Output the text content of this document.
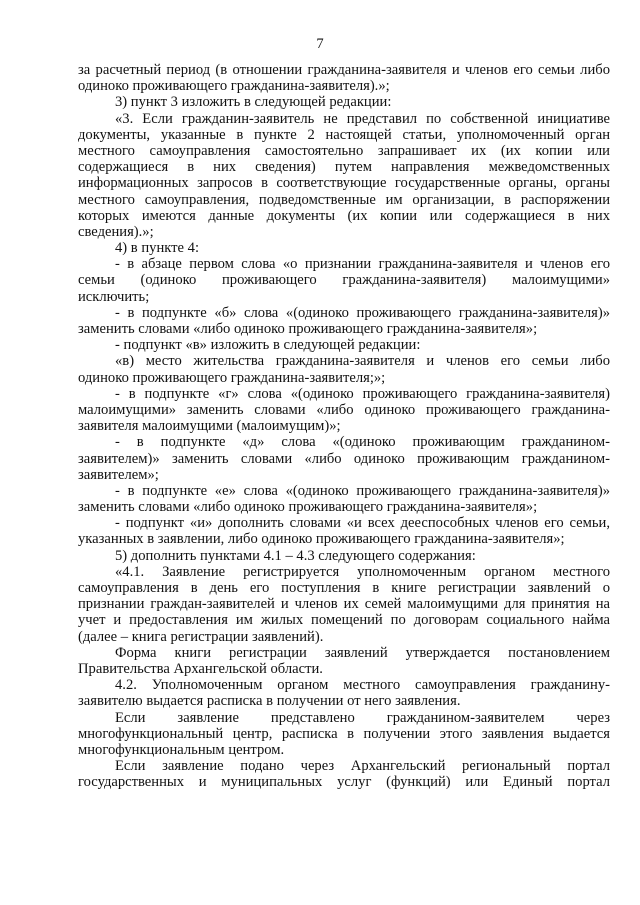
7
за расчетный период (в отношении гражданина-заявителя и членов его семьи либо
одиноко проживающего гражданина-заявителя).»;
3) пункт 3 изложить в следующей редакции:
«3. Если гражданин-заявитель не представил по собственной инициативе
документы, указанные в пункте 2 настоящей статьи, уполномоченный орган
местного самоуправления самостоятельно запрашивает их (их копии или
содержащиеся в них сведения) путем направления межведомственных
информационных запросов в соответствующие государственные органы, органы
местного самоуправления, подведомственные им организации, в распоряжении
которых имеются данные документы (их копии или содержащиеся в них
сведения).»;
4) в пункте 4:
- в абзаце первом слова «о признании гражданина-заявителя и членов его
семьи (одиноко проживающего гражданина-заявителя) малоимущими»
исключить;
- в подпункте «б» слова «(одиноко проживающего гражданина-заявителя)»
заменить словами «либо одиноко проживающего гражданина-заявителя»;
- подпункт «в» изложить в следующей редакции:
«в) место жительства гражданина-заявителя и членов его семьи либо
одиноко проживающего гражданина-заявителя;»;
- в подпункте «г» слова «(одиноко проживающего гражданина-заявителя)
малоимущими» заменить словами «либо одиноко проживающего гражданина-
заявителя малоимущими (малоимущим)»;
- в подпункте «д» слова «(одиноко проживающим гражданином-
заявителем)» заменить словами «либо одиноко проживающим гражданином-
заявителем»;
- в подпункте «е» слова «(одиноко проживающего гражданина-заявителя)»
заменить словами «либо одиноко проживающего гражданина-заявителя»;
- подпункт «и» дополнить словами «и всех дееспособных членов его семьи,
указанных в заявлении, либо одиноко проживающего гражданина-заявителя»;
5) дополнить пунктами 4.1 – 4.3 следующего содержания:
«4.1. Заявление регистрируется уполномоченным органом местного
самоуправления в день его поступления в книге регистрации заявлений о
признании граждан-заявителей и членов их семей малоимущими для принятия на
учет и предоставления им жилых помещений по договорам социального найма
(далее – книга регистрации заявлений).
Форма книги регистрации заявлений утверждается постановлением
Правительства Архангельской области.
4.2. Уполномоченным органом местного самоуправления гражданину-
заявителю выдается расписка в получении от него заявления.
Если заявление представлено гражданином-заявителем через
многофункциональный центр, расписка в получении этого заявления выдается
многофункциональным центром.
Если заявление подано через Архангельский региональный портал
государственных и муниципальных услуг (функций) или Единый портал
